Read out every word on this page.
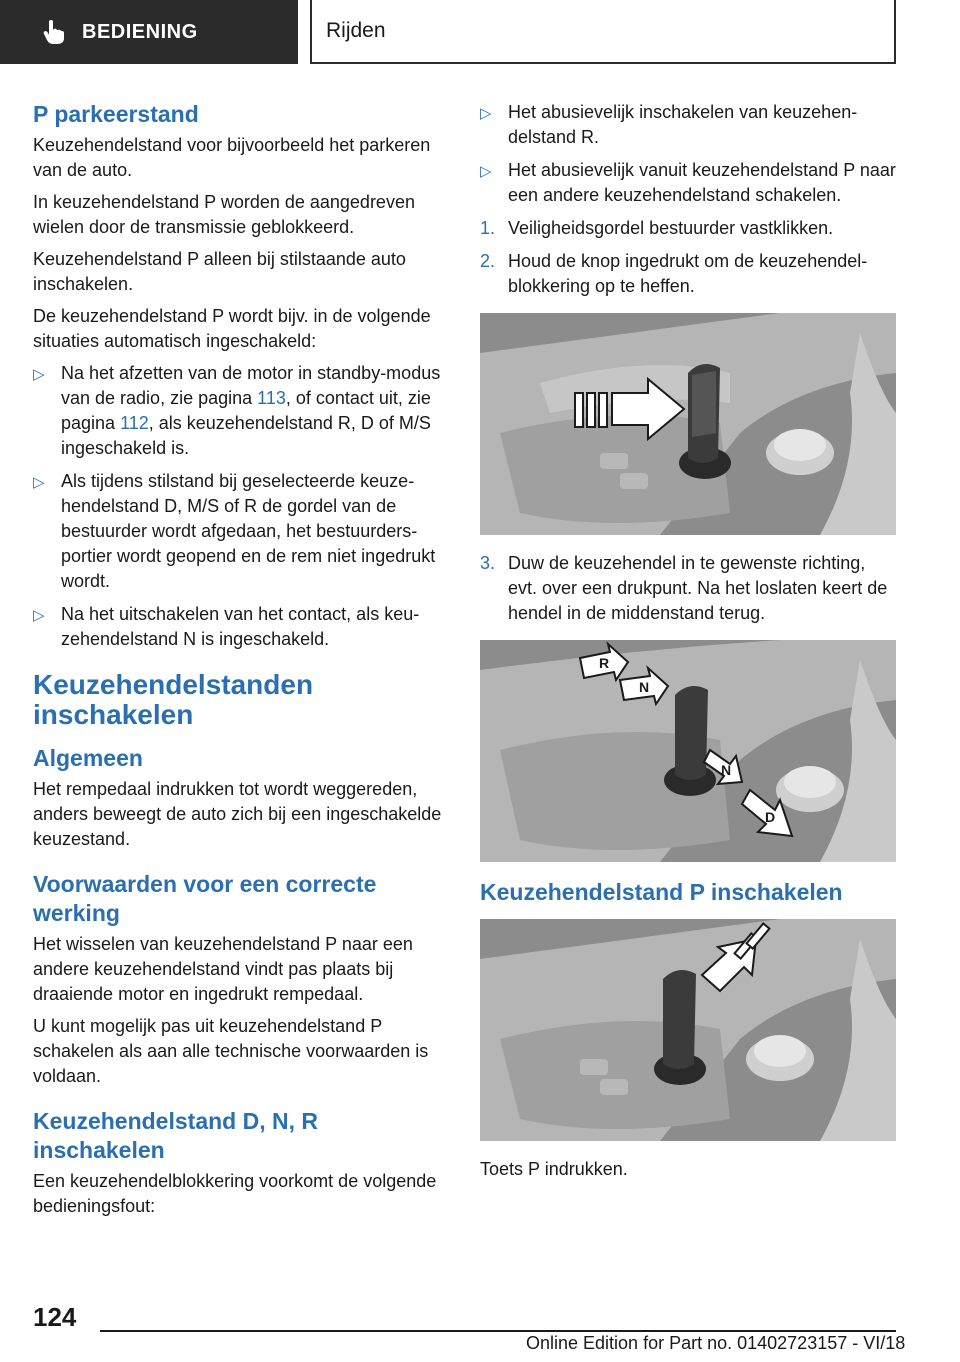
BEDIENING	Rijden
P parkeerstand

Keuzehendelstand voor bijvoorbeeld het parkeren van de auto.

In keuzehendelstand P worden de aangedreven wielen door de transmissie geblokkeerd.

Keuzehendelstand P alleen bij stilstaande auto inschakelen.

De keuzehendelstand P wordt bijv. in de volgende situaties automatisch ingeschakeld:

▷ Na het afzetten van de motor in standby-modus van de radio, zie pagina 113, of contact uit, zie pagina 112, als keuzehendelstand R, D of M/S ingeschakeld is.
▷ Als tijdens stilstand bij geselecteerde keuzehendelstand D, M/S of R de gordel van de bestuurder wordt afgedaan, het bestuurdersportier wordt geopend en de rem niet ingedrukt wordt.
▷ Na het uitschakelen van het contact, als keuzehendelstand N is ingeschakeld.
Keuzehendelstanden inschakelen
Algemeen

Het rempedaal indrukken tot wordt weggereden, anders beweegt de auto zich bij een ingeschakelde keuzestand.

Voorwaarden voor een correcte werking

Het wisselen van keuzehendelstand P naar een andere keuzehendelstand vindt pas plaats bij draaiende motor en ingedrukt rempedaal.

U kunt mogelijk pas uit keuzehendelstand P schakelen als aan alle technische voorwaarden is voldaan.

Keuzehendelstand D, N, R inschakelen

Een keuzehendelblokkering voorkomt de volgende bedieningsfout:

▷ Het abusievelijk inschakelen van keuzehendelstand R.
▷ Het abusievelijk vanuit keuzehendelstand P naar een andere keuzehendelstand schakelen.
1. Veiligheidsgordel bestuurder vastklikken.
2. Houd de knop ingedrukt om de keuzehendelblokkering op te heffen.
3. Duw de keuzehendel in te gewenste richting, evt. over een drukpunt. Na het loslaten keert de hendel in de middenstand terug.
R
N
N
D
Keuzehendelstand P inschakelen

Toets P indrukken.

124
Online Edition for Part no. 01402723157 - VI/18
